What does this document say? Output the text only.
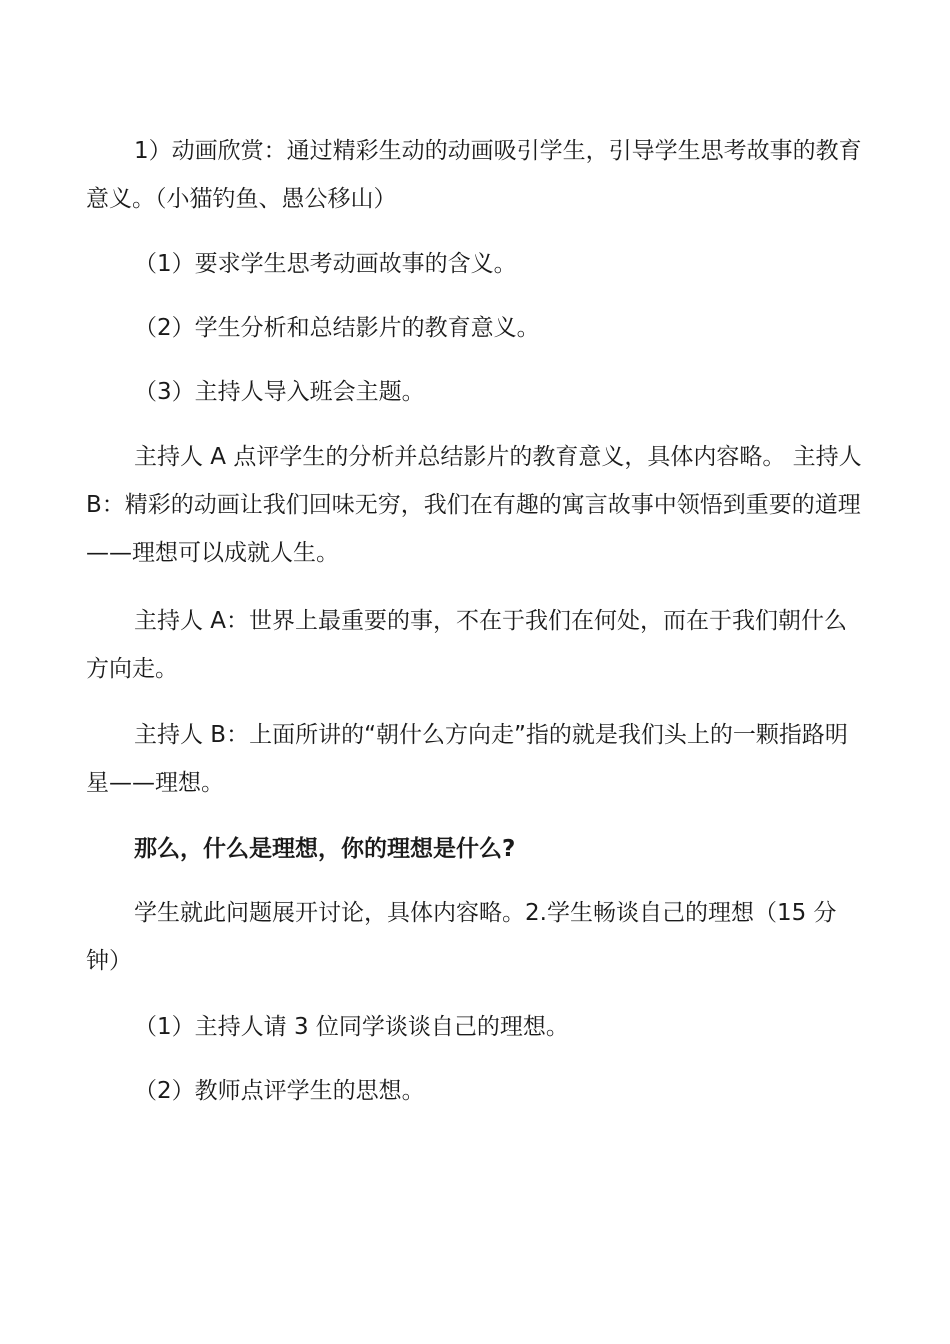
1）动画欣赏：通过精彩生动的动画吸引学生，引导学生思考故事的教育意义。（小猫钓鱼、愚公移山）

（1）要求学生思考动画故事的含义。

（2）学生分析和总结影片的教育意义。

（3）主持人导入班会主题。

主持人 A 点评学生的分析并总结影片的教育意义，具体内容略。 主持人 B：精彩的动画让我们回味无穷，我们在有趣的寓言故事中领悟到重要的道理——理想可以成就人生。

主持人 A：世界上最重要的事，不在于我们在何处，而在于我们朝什么方向走。

主持人 B：上面所讲的“朝什么方向走”指的就是我们头上的一颗指路明星——理想。

那么，什么是理想，你的理想是什么?

学生就此问题展开讨论，具体内容略。2.学生畅谈自己的理想（15 分钟）

（1）主持人请 3 位同学谈谈自己的理想。

（2）教师点评学生的思想。
